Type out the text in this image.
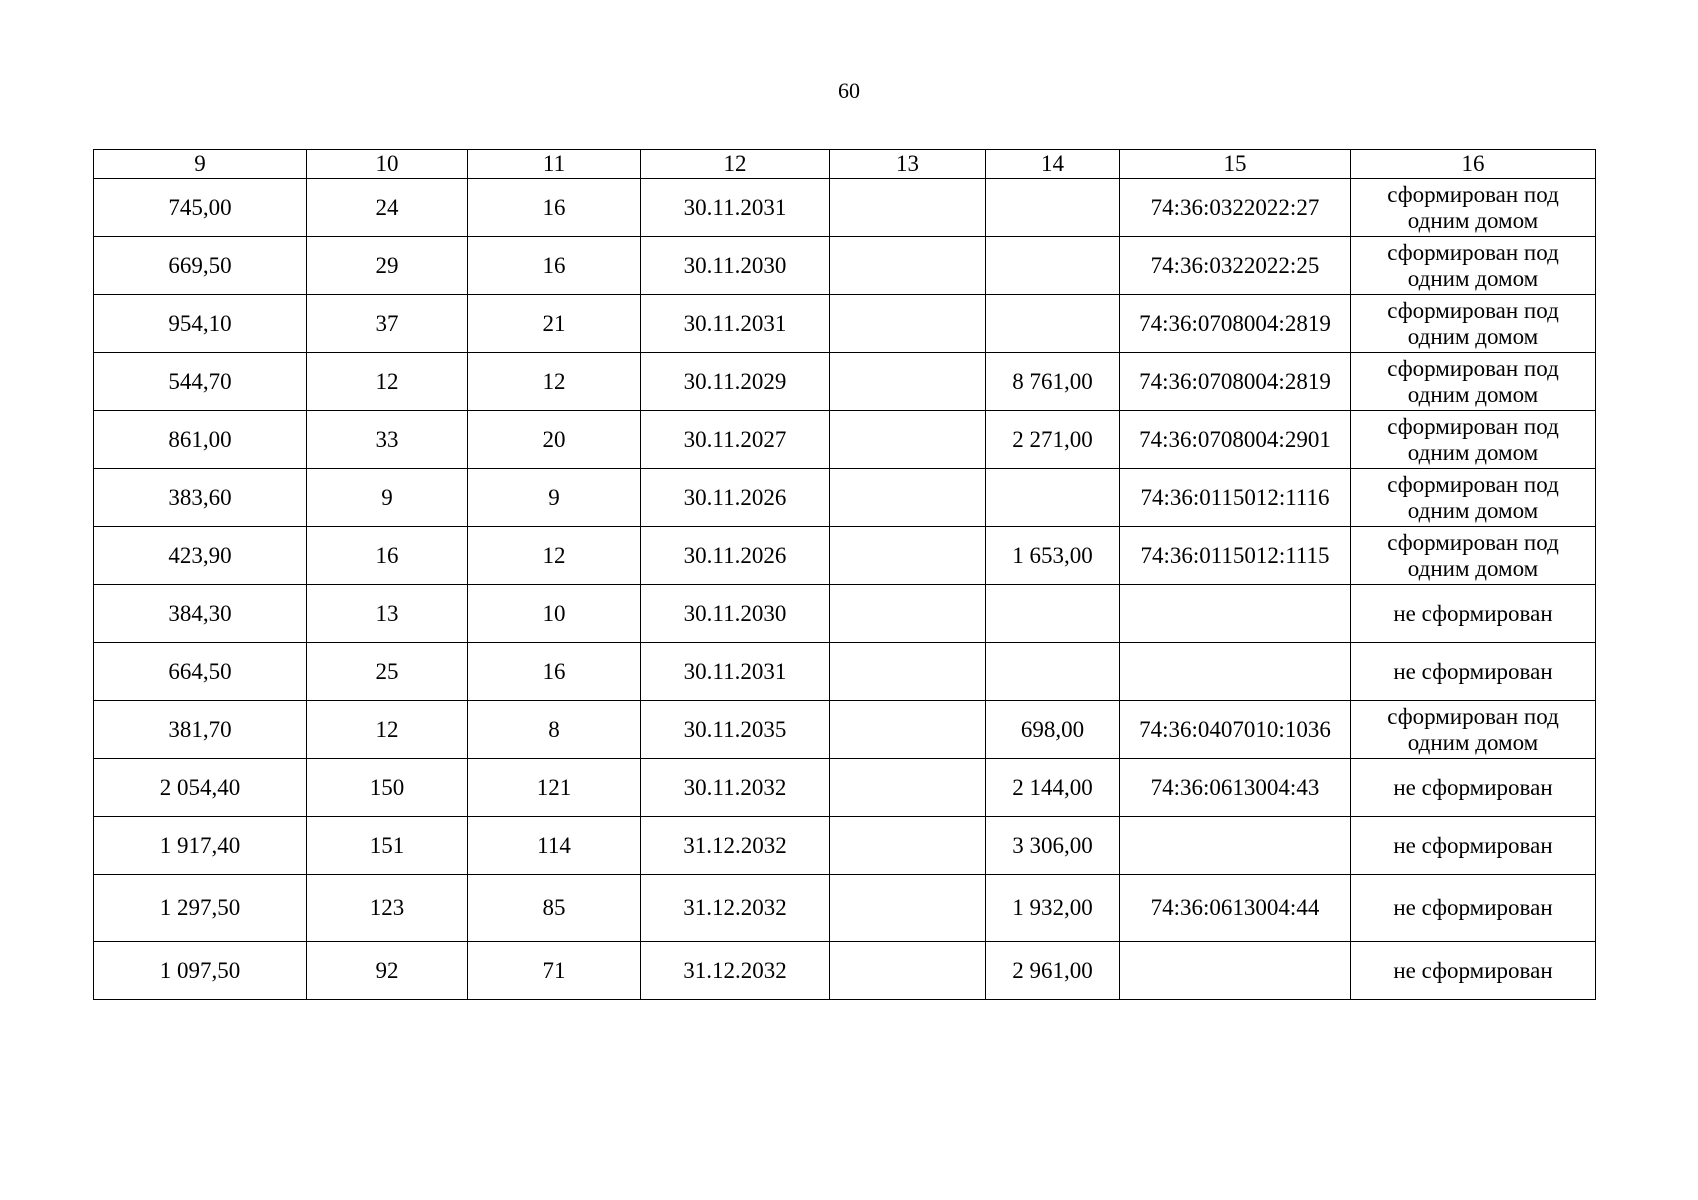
60
9	10	11	12	13	14	15	16
745,00	24	16	30.11.2031			74:36:0322022:27	сформирован под одним домом
669,50	29	16	30.11.2030			74:36:0322022:25	сформирован под одним домом
954,10	37	21	30.11.2031			74:36:0708004:2819	сформирован под одним домом
544,70	12	12	30.11.2029		8 761,00	74:36:0708004:2819	сформирован под одним домом
861,00	33	20	30.11.2027		2 271,00	74:36:0708004:2901	сформирован под одним домом
383,60	9	9	30.11.2026			74:36:0115012:1116	сформирован под одним домом
423,90	16	12	30.11.2026		1 653,00	74:36:0115012:1115	сформирован под одним домом
384,30	13	10	30.11.2030				не сформирован
664,50	25	16	30.11.2031				не сформирован
381,70	12	8	30.11.2035		698,00	74:36:0407010:1036	сформирован под одним домом
2 054,40	150	121	30.11.2032		2 144,00	74:36:0613004:43	не сформирован
1 917,40	151	114	31.12.2032		3 306,00		не сформирован
1 297,50	123	85	31.12.2032		1 932,00	74:36:0613004:44	не сформирован
1 097,50	92	71	31.12.2032		2 961,00		не сформирован
